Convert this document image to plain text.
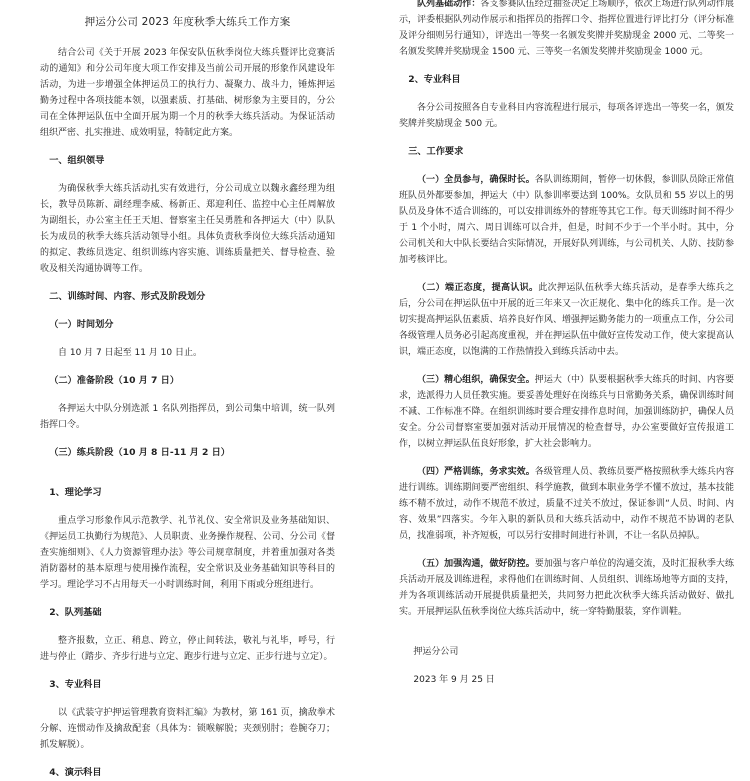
押运分公司 2023 年度秋季大练兵工作方案

结合公司《关于开展 2023 年保安队伍秋季岗位大练兵暨评比竞赛活动的通知》和分公司年度大项工作安排及当前公司开展的形象作风建设年活动，为进一步增强全体押运员工的执行力、凝聚力、战斗力，锤炼押运勤务过程中各项技能本领，以强素质、打基础、树形象为主要目的，分公司在全体押运队伍中全面开展为期一个月的秋季大练兵活动。为保证活动组织严密、扎实推进、成效明显，特制定此方案。

一、组织领导

为确保秋季大练兵活动扎实有效进行，分公司成立以魏永鑫经理为组长，教导员陈新、副经理李威、杨新正、郑迎利任、监控中心主任周解放为副组长，办公室主任王天旭、督察室主任吴勇胜和各押运大（中）队队长为成员的秋季大练兵活动领导小组。具体负责秋季岗位大练兵活动通知的拟定、教练员选定、组织训练内容实施、训练质量把关、督导检查、验收及相关沟通协调等工作。

二、训练时间、内容、形式及阶段划分
（一）时间划分

自 10 月 7 日起至 11 月 10 日止。

（二）准备阶段（10 月 7 日）

各押运大中队分别选派 1 名队列指挥员，到公司集中培训，统一队列指挥口令。

（三）练兵阶段（10 月 8 日-11 月 2 日）
1、理论学习

重点学习形象作风示范教学、礼节礼仪、安全常识及业务基础知识、《押运员工执勤行为规范》、人员职责、业务操作规程、公司、分公司《督查实施细则》、《人力资源管理办法》等公司规章制度，并着重加强对各类消防器材的基本原理与使用操作流程，安全常识及业务基础知识等科目的学习。理论学习不占用每天一小时训练时间，利用下雨或分班组进行。

2、队列基础

整齐报数，立正、稍息、跨立，停止间转法，敬礼与礼毕，呼号，行进与停止（踏步、齐步行进与立定、跑步行进与立定、正步行进与立定）。

3、专业科目

以《武装守护押运管理教育资料汇编》为教材，第 161 页，擒敌拳术分解、连惯动作及擒敌配套（具体为：锁喉解脱；夹颈别肘；卷腕夺刀；抓发解脱）。

4、演示科目

队列基础动作：各支参赛队伍经过抽签决定上场顺序，依次上场进行队列动作展示，评委根据队列动作展示和指挥员的指挥口令、指挥位置进行评比打分（评分标准及评分细则另行通知），评选出一等奖一名颁发奖牌并奖励现金 2000 元、二等奖一名颁发奖牌并奖励现金 1500 元、三等奖一名颁发奖牌并奖励现金 1000 元。

2、专业科目

各分公司按照各自专业科目内容流程进行展示，每项各评选出一等奖一名，颁发奖牌并奖励现金 500 元。

三、工作要求

（一）全员参与，确保时长。各队训练期间，暂停一切休假，参训队员除正常值班队员外都要参加，押运大（中）队参训率要达到 100%。女队员和 55 岁以上的男队员及身体不适合训练的，可以安排训练外的替班等其它工作。每天训练时间不得少于 1 个小时，周六、周日训练可以合并，但是，时间不少于一个半小时。其中，分公司机关和大中队长要结合实际情况，开展好队列训练，与公司机关、人防、技防参加考核评比。

（二）端正态度，提高认识。此次押运队伍秋季大练兵活动，是春季大练兵之后，分公司在押运队伍中开展的近三年来又一次正规化、集中化的练兵工作。是一次切实提高押运队伍素质、培养良好作风、增强押运勤务能力的一项重点工作，分公司各级管理人员务必引起高度重视，并在押运队伍中做好宣传发动工作，使大家提高认识，端正态度，以饱满的工作热情投入到练兵活动中去。

（三）精心组织，确保安全。押运大（中）队要根据秋季大练兵的时间、内容要求，选派得力人员任教实施。要妥善处理好在岗练兵与日常勤务关系，确保训练时间不减、工作标准不降。在组织训练时要合理安排作息时间，加强训练防护，确保人员安全。分公司督察室要加强对活动开展情况的检查督导，办公室要做好宣传报道工作，以树立押运队伍良好形象，扩大社会影响力。

（四）严格训练，务求实效。各级管理人员、教练员要严格按照秋季大练兵内容进行训练。训练期间要严密组织、科学施教，做到本职业务学不懂不放过，基本技能练不精不放过，动作不规范不放过，质量不过关不放过，保证参训“人员、时间、内容、效果”四落实。今年入职的新队员和大练兵活动中，动作不规范不协调的老队员，找准弱项，补齐短板，可以另行安排时间进行补训，不让一名队员掉队。

（五）加强沟通，做好防控。要加强与客户单位的沟通交流，及时汇报秋季大练兵活动开展及训练进程，求得他们在训练时间、人员组织、训练场地等方面的支持，并为各项训练活动开展提供质量把关，共同努力把此次秋季大练兵活动做好、做扎实。开展押运队伍秋季岗位大练兵活动中，统一穿特勤服装，穿作训鞋。

押运分公司

2023 年 9 月 25 日
